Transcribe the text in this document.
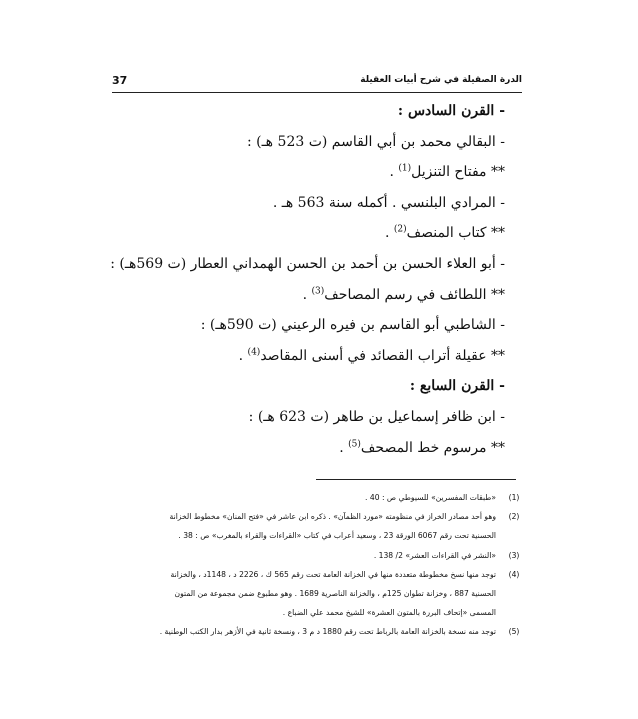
37	الدرة الصقيلة في شرح أبيات العقيلة
- القرن السادس :
- البقالي محمد بن أبي القاسم (ت 523 هـ) :
** مفتاح التنزيل$^{(1)}$ .
- المرادي البلنسي . أكمله سنة 563 هـ .
** كتاب المنصف$^{(2)}$ .
- أبو العلاء الحسن بن أحمد بن الحسن الهمداني العطار (ت 569هـ) :
** اللطائف في رسم المصاحف$^{(3)}$ .
- الشاطبي أبو القاسم بن فيره الرعيني (ت 590هـ) :
** عقيلة أتراب القصائد في أسنى المقاصد$^{(4)}$ .
- القرن السابع :
- ابن ظافر إسماعيل بن طاهر (ت 623 هـ) :
** مرسوم خط المصحف$^{(5)}$ .
(1)
«طبقات المفسرين» للسيوطي ص : 40 .
(2)
وهو أحد مصادر الخراز في منظومته «مورد الظمآن» . ذكره ابن عاشر في «فتح المنان» مخطوط الخزانة
الحسنية تحت رقم 6067 الورقة 23 ، وسعيد أعراب في كتاب «القراءات والقراء بالمغرب» ص : 38 .
(3)
«النشر في القراءات العشر» 2/ 138 .
(4)
توجد منها نسخ مخطوطة متعددة منها في الخزانة العامة تحت رقم 565 ك ، 2226 د ، 1148د ، والخزانة
الحسنية 887 ، وخزانة تطوان 125م ، والخزانة الناصرية 1689 . وهو مطبوع ضمن مجموعة من المتون
المسمى «إتحاف البررة بالمتون العشرة» للشيخ محمد علي الضباع .
(5)
توجد منه نسخة بالخزانة العامة بالرباط تحت رقم 1880 د م 3 ، ونسخة ثانية في الأزهر بدار الكتب الوطنية .
